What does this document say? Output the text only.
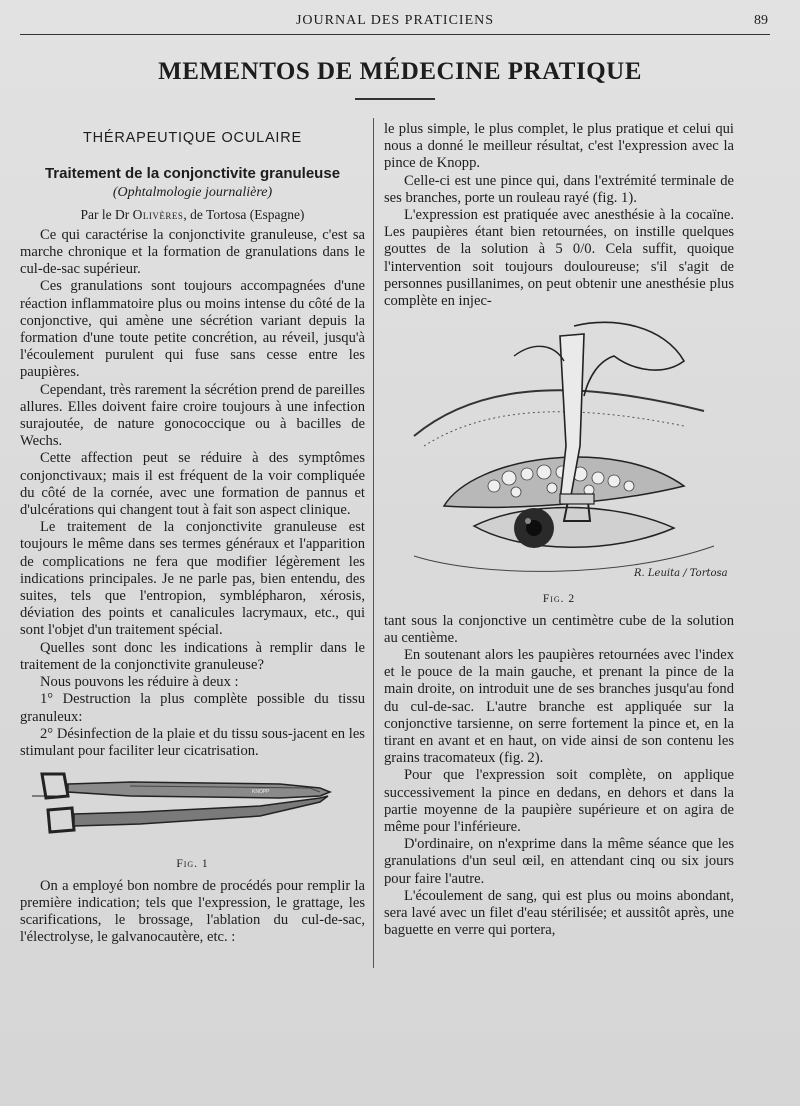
JOURNAL DES PRATICIENS	89
MEMENTOS DE MÉDECINE PRATIQUE
THÉRAPEUTIQUE OCULAIRE
Traitement de la conjonctivite granuleuse
(Ophtalmologie journalière)
Par le Dr Olivères, de Tortosa (Espagne)

Ce qui caractérise la conjonctivite granuleuse, c'est sa marche chronique et la formation de granulations dans le cul-de-sac supérieur.

Ces granulations sont toujours accompagnées d'une réaction inflammatoire plus ou moins intense du côté de la conjonctive, qui amène une sécrétion variant depuis la formation d'une toute petite concrétion, au réveil, jusqu'à l'écoulement purulent qui fuse sans cesse entre les paupières.

Cependant, très rarement la sécrétion prend de pareilles allures. Elles doivent faire croire toujours à une infection surajoutée, de nature gonococcique ou à bacilles de Wechs.

Cette affection peut se réduire à des symptômes conjonctivaux; mais il est fréquent de la voir compliquée du côté de la cornée, avec une formation de pannus et d'ulcérations qui changent tout à fait son aspect clinique.

Le traitement de la conjonctivite granuleuse est toujours le même dans ses termes généraux et l'apparition de complications ne fera que modifier légèrement les indications principales. Je ne parle pas, bien entendu, des suites, tels que l'entropion, symblépharon, xérosis, déviation des points et canalicules lacrymaux, etc., qui sont l'objet d'un traitement spécial.

Quelles sont donc les indications à remplir dans le traitement de la conjonctivite granuleuse?

Nous pouvons les réduire à deux :

1° Destruction la plus complète possible du tissu granuleux:

2° Désinfection de la plaie et du tissu sous-jacent en les stimulant pour faciliter leur cicatrisation.

KNOPP
Fig. 1

On a employé bon nombre de procédés pour remplir la première indication; tels que l'expression, le grattage, les scarifications, le brossage, l'ablation du cul-de-sac, l'électrolyse, le galvanocautère, etc. :

le plus simple, le plus complet, le plus pratique et celui qui nous a donné le meilleur résultat, c'est l'expression avec la pince de Knopp.

Celle-ci est une pince qui, dans l'extrémité terminale de ses branches, porte un rouleau rayé (fig. 1).

L'expression est pratiquée avec anesthésie à la cocaïne. Les paupières étant bien retournées, on instille quelques gouttes de la solution à 5 0/0. Cela suffit, quoique l'intervention soit toujours douloureuse; s'il s'agit de personnes pusillanimes, on peut obtenir une anesthésie plus complète en injec-

R. Leuita / Tortosa
Fig. 2

tant sous la conjonctive un centimètre cube de la solution au centième.

En soutenant alors les paupières retournées avec l'index et le pouce de la main gauche, et prenant la pince de la main droite, on introduit une de ses branches jusqu'au fond du cul-de-sac. L'autre branche est appliquée sur la conjonctive tarsienne, on serre fortement la pince et, en la tirant en avant et en haut, on vide ainsi de son contenu les grains tracomateux (fig. 2).

Pour que l'expression soit complète, on applique successivement la pince en dedans, en dehors et dans la partie moyenne de la paupière supérieure et on agira de même pour l'inférieure.

D'ordinaire, on n'exprime dans la même séance que les granulations d'un seul œil, en attendant cinq ou six jours pour faire l'autre.

L'écoulement de sang, qui est plus ou moins abondant, sera lavé avec un filet d'eau stérilisée; et aussitôt après, une baguette en verre qui portera,
